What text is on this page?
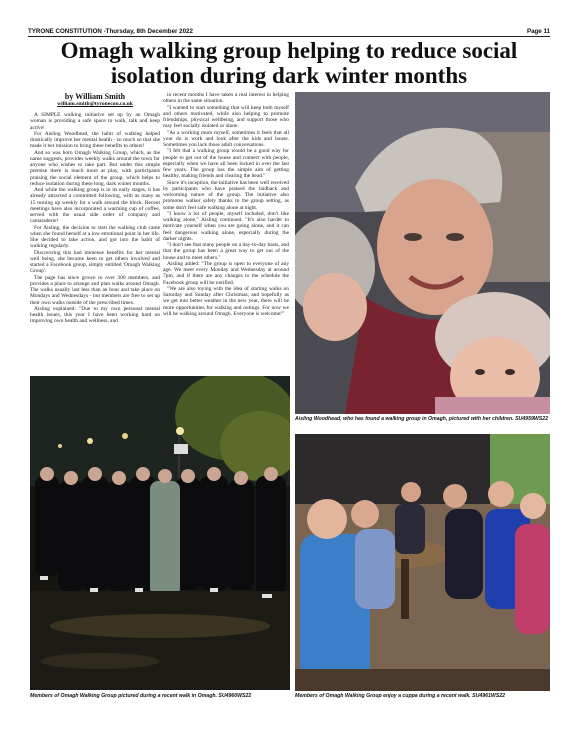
TYRONE CONSTITUTION -Thursday, 8th December 2022	Page 11
Omagh walking group helping to reduce social isolation during dark winter months

by William Smith

william.smith@tyronecon.co.uk

A SIMPLE walking initiative set up by an Omagh woman is providing a safe space to walk, talk and keep active!

For Aisling Woodhead, the habit of walking helped drastically improve her mental health - so much so that she made it her mission to bring these benefits to others!

And so was born Omagh Walking Group, which, as the name suggests, provides weekly walks around the town for anyone who wishes to take part. But under this simple premise there is much more at play, with participants praising the social element of the group, which helps to reduce isolation during these long, dark winter months.

And while the walking group is in its early stages, it has already attracted a committed following, with as many as 15 turning up weekly for a walk around the block. Recent meetings have also incorporated a warming cup of coffee, served with the usual side order of company and camaraderie!

For Aisling, the decision to start the walking club came when she found herself at a low emotional point in her life. She decided to take action, and got into the habit of walking regularly.

Discovering this had immense benefits for her mental well being, she became keen to get others involved and started a Facebook group, simply entitled 'Omagh Walking Group'.

The page has since grown to over 300 members, and provides a place to arrange and plan walks around Omagh. The walks usually last less than an hour and take place on Mondays and Wednesdays - but members are free to set up their own walks outside of the prescribed times.

Aisling explained: "Due to my own personal mental health issues, this year I have been working hard on improving own health and wellness, and

in recent months I have taken a real interest in helping others in the same situation.

"I wanted to start something that will keep both myself and others motivated, while also helping to promote friendships, physical wellbeing, and support those who may feel socially isolated or alone.

"As a working mum myself, sometimes it feels that all your do is work and look after the kids and house. Sometimes you lack those adult conversations.

"I felt that a walking group would be a good way for people to get out of the house and connect with people, especially when we have all been locked in over the last few years. The group has the simple aim of getting healthy, making friends and clearing the head."

Since it's inception, the initiative has been well received by participants who have praised the laidback and welcoming nature of the group. The initiative also promotes walker safety thanks to the group setting, as some don't feel safe walking alone at night.

"I know a lot of people, myself included, don't like walking alone," Aisling continued. "It's also harder to motivate yourself when you are going alone, and it can feel dangerous walking alone, especially during the darker nights.

"I don't see that many people on a day-to-day basis, and that the group has been a great way to get out of the house and to meet others."

Aisling added: "The group is open to everyone of any age. We meet every Monday and Wednesday at around 7pm, and if there are any changes to the schedule the Facebook group will be notified.

"We are also toying with the idea of starting walks on Saturday and Sunday after Christmas, and hopefully as we get into better weather in the new year, there will be more opportunities for walking and outings. For now we will be walking around Omagh. Everyone is welcome!"

Aisling Woodhead, who has found a walking group in Omagh, pictured with her children. SU4959WS22
Members of Omagh Walking Group pictured during a recent walk in Omagh. SU4960WS22	Members of Omagh Walking Group enjoy a cuppa during a recent walk. SU4961WS22
